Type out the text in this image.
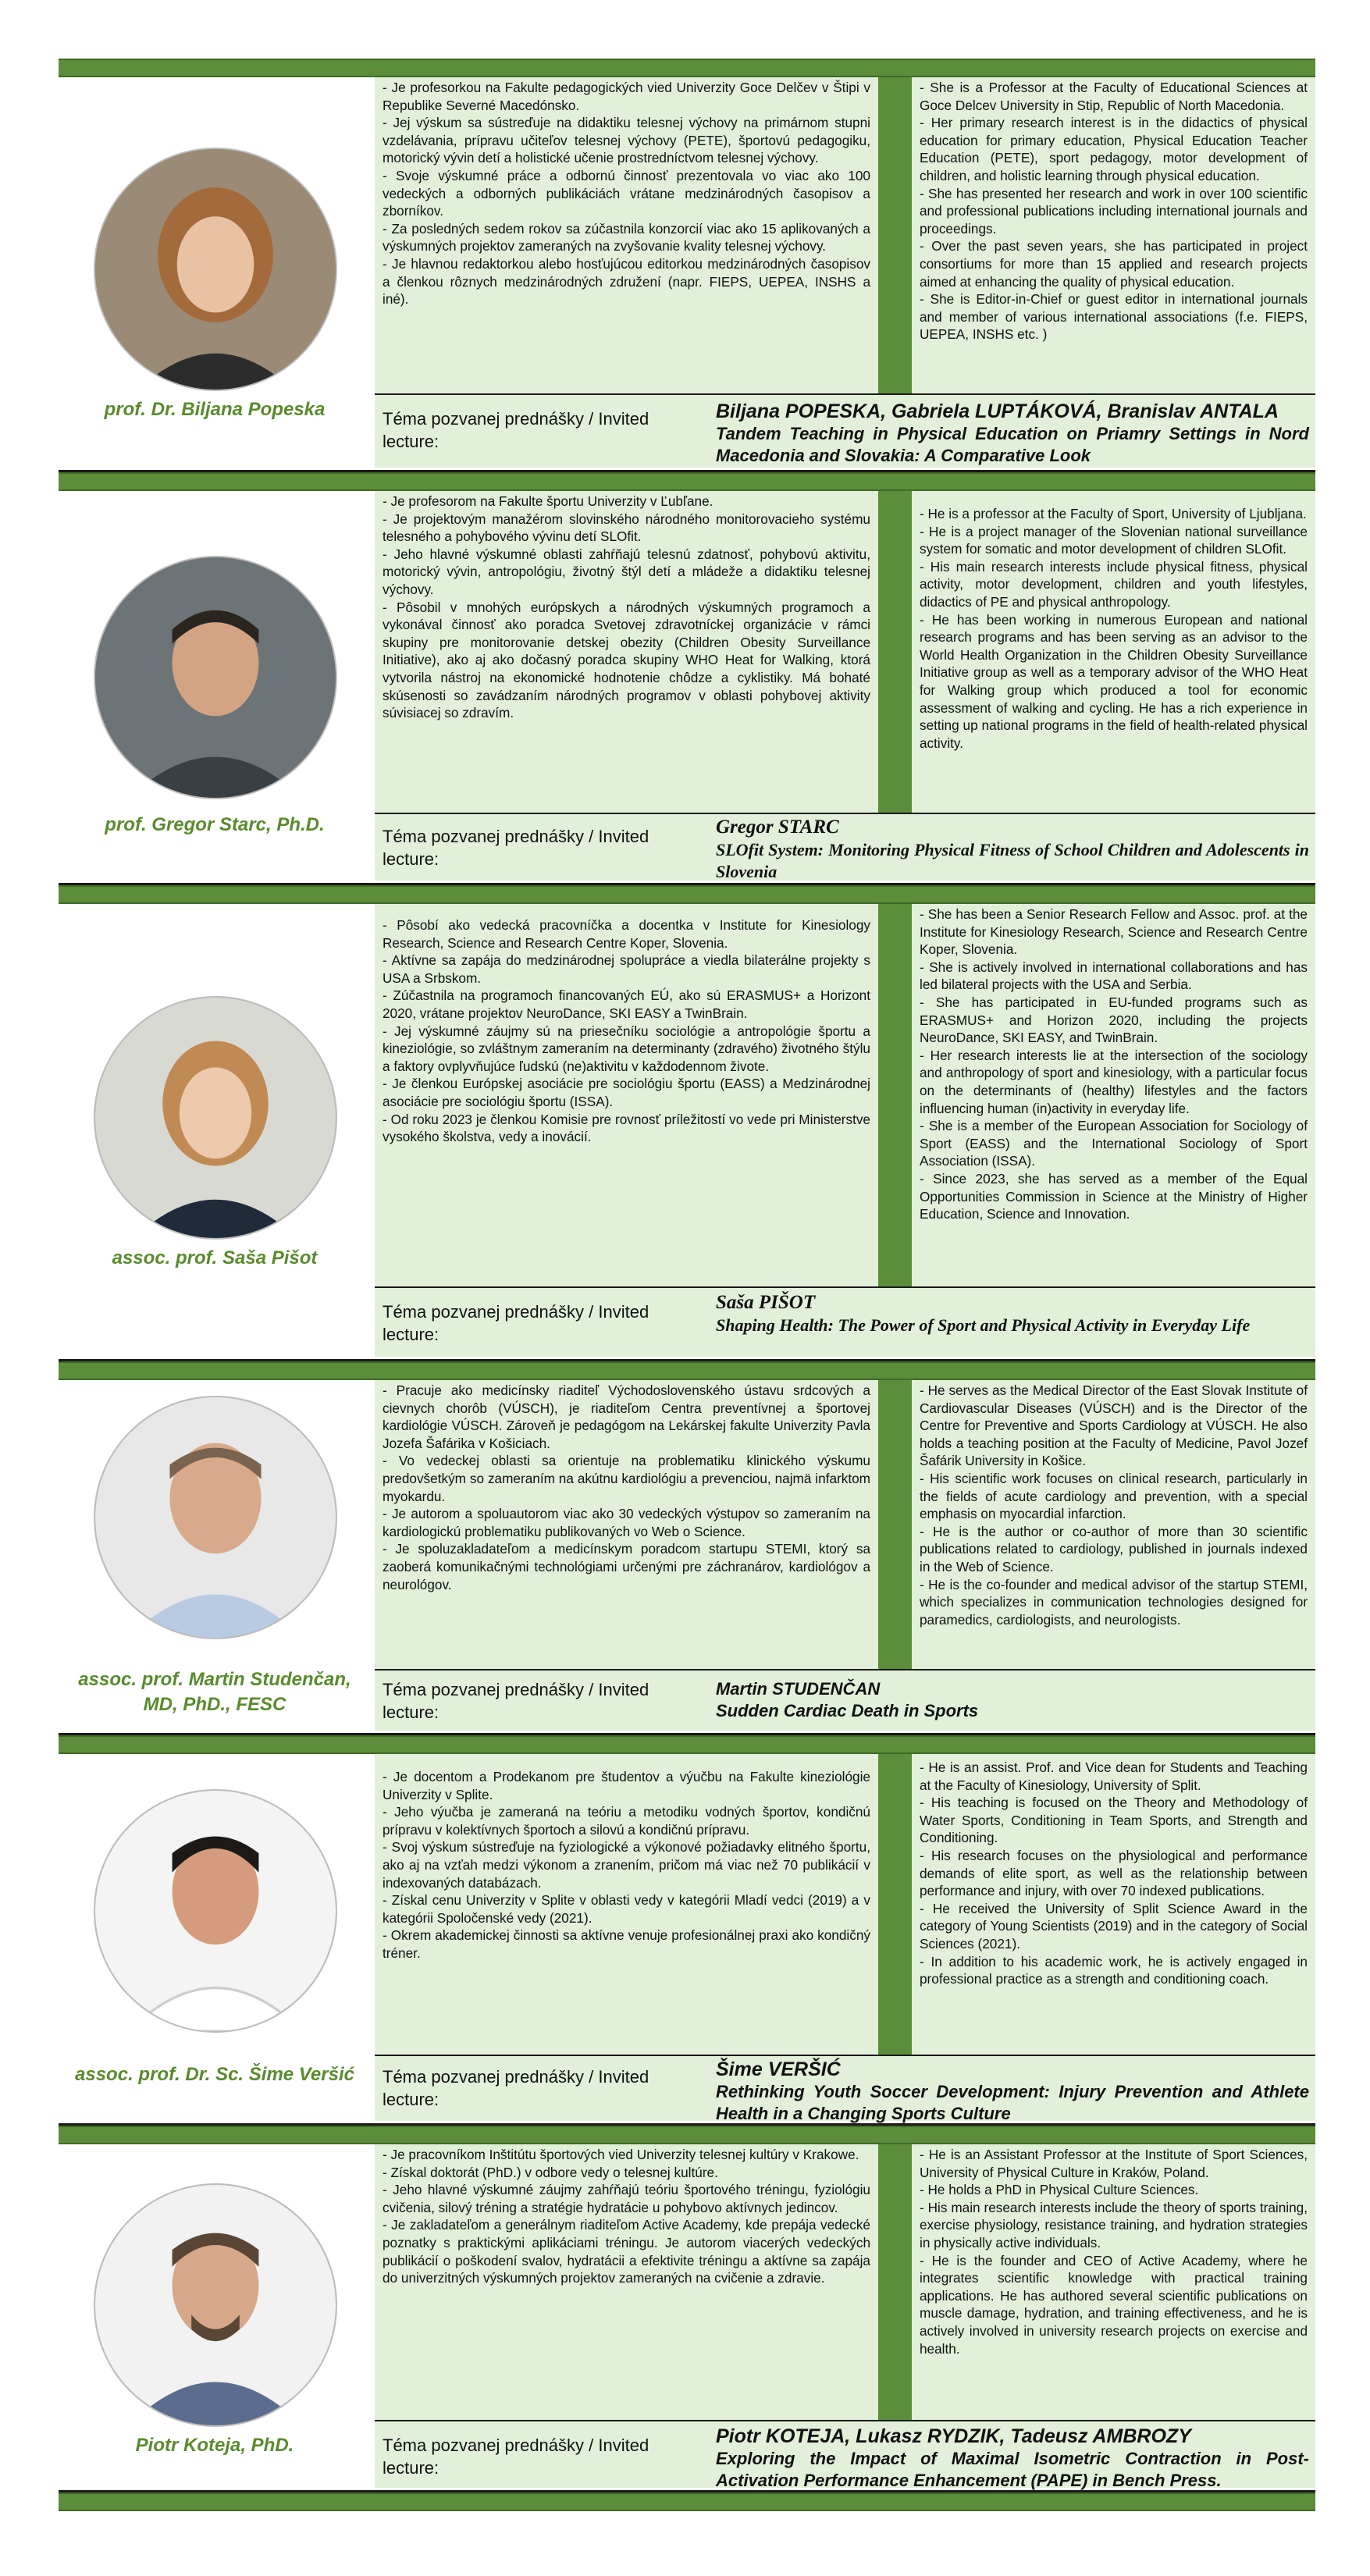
prof. Dr. Biljana Popeska

- Je profesorkou na Fakulte pedagogických vied Univerzity Goce Delčev v Štipi v Republike Severné Macedónsko.

- Jej výskum sa sústreďuje na didaktiku telesnej výchovy na primárnom stupni vzdelávania, prípravu učiteľov telesnej výchovy (PETE), športovú pedagogiku, motorický vývin detí a holistické učenie prostredníctvom telesnej výchovy.

- Svoje výskumné práce a odbornú činnosť prezentovala vo viac ako 100 vedeckých a odborných publikáciách vrátane medzinárodných časopisov a zborníkov.

- Za posledných sedem rokov sa zúčastnila konzorcií viac ako 15 aplikovaných a výskumných projektov zameraných na zvyšovanie kvality telesnej výchovy.

- Je hlavnou redaktorkou alebo hosťujúcou editorkou medzinárodných časopisov a členkou rôznych medzinárodných združení (napr. FIEPS, UEPEA, INSHS a iné).

- She is a Professor at the Faculty of Educational Sciences at Goce Delcev University in Stip, Republic of North Macedonia.

- Her primary research interest is in the didactics of physical education for primary education, Physical Education Teacher Education (PETE), sport pedagogy, motor development of children, and holistic learning through physical education.

- She has presented her research and work in over 100 scientific and professional publications including international journals and proceedings.

- Over the past seven years, she has participated in project consortiums for more than 15 applied and research projects aimed at enhancing the quality of physical education.

- She is Editor-in-Chief or guest editor in international journals and member of various international associations (f.e. FIEPS, UEPEA, INSHS etc. )

Téma pozvanej prednášky / Invited lecture:
Biljana POPESKA, Gabriela LUPTÁKOVÁ, Branislav ANTALA
Tandem Teaching in Physical Education on Priamry Settings in Nord Macedonia and Slovakia: A Comparative Look
prof. Gregor Starc, Ph.D.

- Je profesorom na Fakulte športu Univerzity v Ľubľane.

- Je projektovým manažérom slovinského národného monitorovacieho systému telesného a pohybového vývinu detí SLOfit.

- Jeho hlavné výskumné oblasti zahŕňajú telesnú zdatnosť, pohybovú aktivitu, motorický vývin, antropológiu, životný štýl detí a mládeže a didaktiku telesnej výchovy.

- Pôsobil v mnohých európskych a národných výskumných programoch a vykonával činnosť ako poradca Svetovej zdravotníckej organizácie v rámci skupiny pre monitorovanie detskej obezity (Children Obesity Surveillance Initiative), ako aj ako dočasný poradca skupiny WHO Heat for Walking, ktorá vytvorila nástroj na ekonomické hodnotenie chôdze a cyklistiky. Má bohaté skúsenosti so zavádzaním národných programov v oblasti pohybovej aktivity súvisiacej so zdravím.

- He is a professor at the Faculty of Sport, University of Ljubljana.

- He is a project manager of the Slovenian national surveillance system for somatic and motor development of children SLOfit.

- His main research interests include physical fitness, physical activity, motor development, children and youth lifestyles, didactics of PE and physical anthropology.

- He has been working in numerous European and national research programs and has been serving as an advisor to the World Health Organization in the Children Obesity Surveillance Initiative group as well as a temporary advisor of the WHO Heat for Walking group which produced a tool for economic assessment of walking and cycling. He has a rich experience in setting up national programs in the field of health-related physical activity.

Téma pozvanej prednášky / Invited lecture:
Gregor STARC
SLOfit System: Monitoring Physical Fitness of School Children and Adolescents in Slovenia
assoc. prof. Saša Pišot

- Pôsobí ako vedecká pracovníčka a docentka v Institute for Kinesiology Research, Science and Research Centre Koper, Slovenia.

- Aktívne sa zapája do medzinárodnej spolupráce a viedla bilaterálne projekty s USA a Srbskom.

- Zúčastnila na programoch financovaných EÚ, ako sú ERASMUS+ a Horizont 2020, vrátane projektov NeuroDance, SKI EASY a TwinBrain.

- Jej výskumné záujmy sú na priesečníku sociológie a antropológie športu a kineziológie, so zvláštnym zameraním na determinanty (zdravého) životného štýlu a faktory ovplyvňujúce ľudskú (ne)aktivitu v každodennom živote.

- Je členkou Európskej asociácie pre sociológiu športu (EASS) a Medzinárodnej asociácie pre sociológiu športu (ISSA).

- Od roku 2023 je členkou Komisie pre rovnosť príležitostí vo vede pri Ministerstve vysokého školstva, vedy a inovácií.

- She has been a Senior Research Fellow and Assoc. prof. at the Institute for Kinesiology Research, Science and Research Centre Koper, Slovenia.

- She is actively involved in international collaborations and has led bilateral projects with the USA and Serbia.

- She has participated in EU-funded programs such as ERASMUS+ and Horizon 2020, including the projects NeuroDance, SKI EASY, and TwinBrain.

- Her research interests lie at the intersection of the sociology and anthropology of sport and kinesiology, with a particular focus on the determinants of (healthy) lifestyles and the factors influencing human (in)activity in everyday life.

- She is a member of the European Association for Sociology of Sport (EASS) and the International Sociology of Sport Association (ISSA).

- Since 2023, she has served as a member of the Equal Opportunities Commission in Science at the Ministry of Higher Education, Science and Innovation.

Téma pozvanej prednášky / Invited lecture:
Saša PIŠOT
Shaping Health: The Power of Sport and Physical Activity in Everyday Life
assoc. prof. Martin Studenčan, MD, PhD., FESC

- Pracuje ako medicínsky riaditeľ Východoslovenského ústavu srdcových a cievnych chorôb (VÚSCH), je riaditeľom Centra preventívnej a športovej kardiológie VÚSCH. Zároveň je pedagógom na Lekárskej fakulte Univerzity Pavla Jozefa Šafárika v Košiciach.

- Vo vedeckej oblasti sa orientuje na problematiku klinického výskumu predovšetkým so zameraním na akútnu kardiológiu a prevenciou, najmä infarktom myokardu.

- Je autorom a spoluautorom viac ako 30 vedeckých výstupov so zameraním na kardiologickú problematiku publikovaných vo Web o Science.

- Je spoluzakladateľom a medicínskym poradcom startupu STEMI, ktorý sa zaoberá komunikačnými technológiami určenými pre záchranárov, kardiológov a neurológov.

- He serves as the Medical Director of the East Slovak Institute of Cardiovascular Diseases (VÚSCH) and is the Director of the Centre for Preventive and Sports Cardiology at VÚSCH. He also holds a teaching position at the Faculty of Medicine, Pavol Jozef Šafárik University in Košice.

- His scientific work focuses on clinical research, particularly in the fields of acute cardiology and prevention, with a special emphasis on myocardial infarction.

- He is the author or co-author of more than 30 scientific publications related to cardiology, published in journals indexed in the Web of Science.

- He is the co-founder and medical advisor of the startup STEMI, which specializes in communication technologies designed for paramedics, cardiologists, and neurologists.

Téma pozvanej prednášky / Invited lecture:
Martin STUDENČAN
Sudden Cardiac Death in Sports
assoc. prof. Dr. Sc. Šime Veršić

- Je docentom a Prodekanom pre študentov a výučbu na Fakulte kineziológie Univerzity v Splite.

- Jeho výučba je zameraná na teóriu a metodiku vodných športov, kondičnú prípravu v kolektívnych športoch a silovú a kondičnú prípravu.

- Svoj výskum sústreďuje na fyziologické a výkonové požiadavky elitného športu, ako aj na vzťah medzi výkonom a zranením, pričom má viac než 70 publikácií v indexovaných databázach.

- Získal cenu Univerzity v Splite v oblasti vedy v kategórii Mladí vedci (2019) a v kategórii Spoločenské vedy (2021).

- Okrem akademickej činnosti sa aktívne venuje profesionálnej praxi ako kondičný tréner.

- He is an assist. Prof. and Vice dean for Students and Teaching at the Faculty of Kinesiology, University of Split.

- His teaching is focused on the Theory and Methodology of Water Sports, Conditioning in Team Sports, and Strength and Conditioning.

- His research focuses on the physiological and performance demands of elite sport, as well as the relationship between performance and injury, with over 70 indexed publications.

- He received the University of Split Science Award in the category of Young Scientists (2019) and in the category of Social Sciences (2021).

- In addition to his academic work, he is actively engaged in professional practice as a strength and conditioning coach.

Téma pozvanej prednášky / Invited lecture:
Šime VERŠIĆ
Rethinking Youth Soccer Development: Injury Prevention and Athlete Health in a Changing Sports Culture
Piotr Koteja, PhD.

- Je pracovníkom Inštitútu športových vied Univerzity telesnej kultúry v Krakowe.

- Získal doktorát (PhD.) v odbore vedy o telesnej kultúre.

- Jeho hlavné výskumné záujmy zahŕňajú teóriu športového tréningu, fyziológiu cvičenia, silový tréning a stratégie hydratácie u pohybovo aktívnych jedincov.

- Je zakladateľom a generálnym riaditeľom Active Academy, kde prepája vedecké poznatky s praktickými aplikáciami tréningu. Je autorom viacerých vedeckých publikácií o poškodení svalov, hydratácii a efektivite tréningu a aktívne sa zapája do univerzitných výskumných projektov zameraných na cvičenie a zdravie.

- He is an Assistant Professor at the Institute of Sport Sciences, University of Physical Culture in Kraków, Poland.

- He holds a PhD in Physical Culture Sciences.

- His main research interests include the theory of sports training, exercise physiology, resistance training, and hydration strategies in physically active individuals.

- He is the founder and CEO of Active Academy, where he integrates scientific knowledge with practical training applications. He has authored several scientific publications on muscle damage, hydration, and training effectiveness, and he is actively involved in university research projects on exercise and health.

Téma pozvanej prednášky / Invited lecture:
Piotr KOTEJA, Lukasz RYDZIK, Tadeusz AMBROZY
Exploring the Impact of Maximal Isometric Contraction in Post-Activation Performance Enhancement (PAPE) in Bench Press.
